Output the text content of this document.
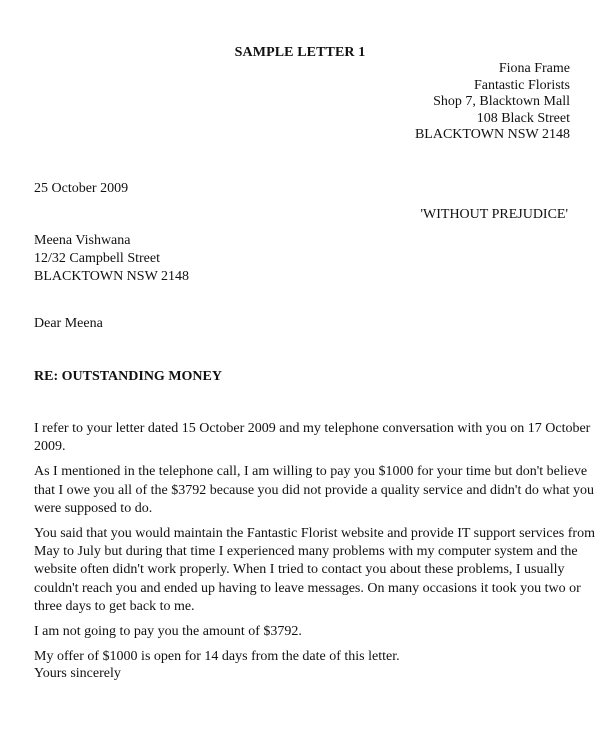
SAMPLE LETTER 1
Fiona Frame
Fantastic Florists
Shop 7, Blacktown Mall
108 Black Street
BLACKTOWN NSW 2148
25 October 2009
'WITHOUT PREJUDICE'
Meena Vishwana
12/32 Campbell Street
BLACKTOWN NSW 2148
Dear Meena
RE: OUTSTANDING MONEY

I refer to your letter dated 15 October 2009 and my telephone conversation with you on 17 October
2009.

As I mentioned in the telephone call, I am willing to pay you $1000 for your time but don't believe
that I owe you all of the $3792 because you did not provide a quality service and didn't do what you
were supposed to do.

You said that you would maintain the Fantastic Florist website and provide IT support services from
May to July but during that time I experienced many problems with my computer system and the
website often didn't work properly. When I tried to contact you about these problems, I usually
couldn't reach you and ended up having to leave messages. On many occasions it took you two or
three days to get back to me.

I am not going to pay you the amount of $3792.

My offer of $1000 is open for 14 days from the date of this letter.

Yours sincerely
